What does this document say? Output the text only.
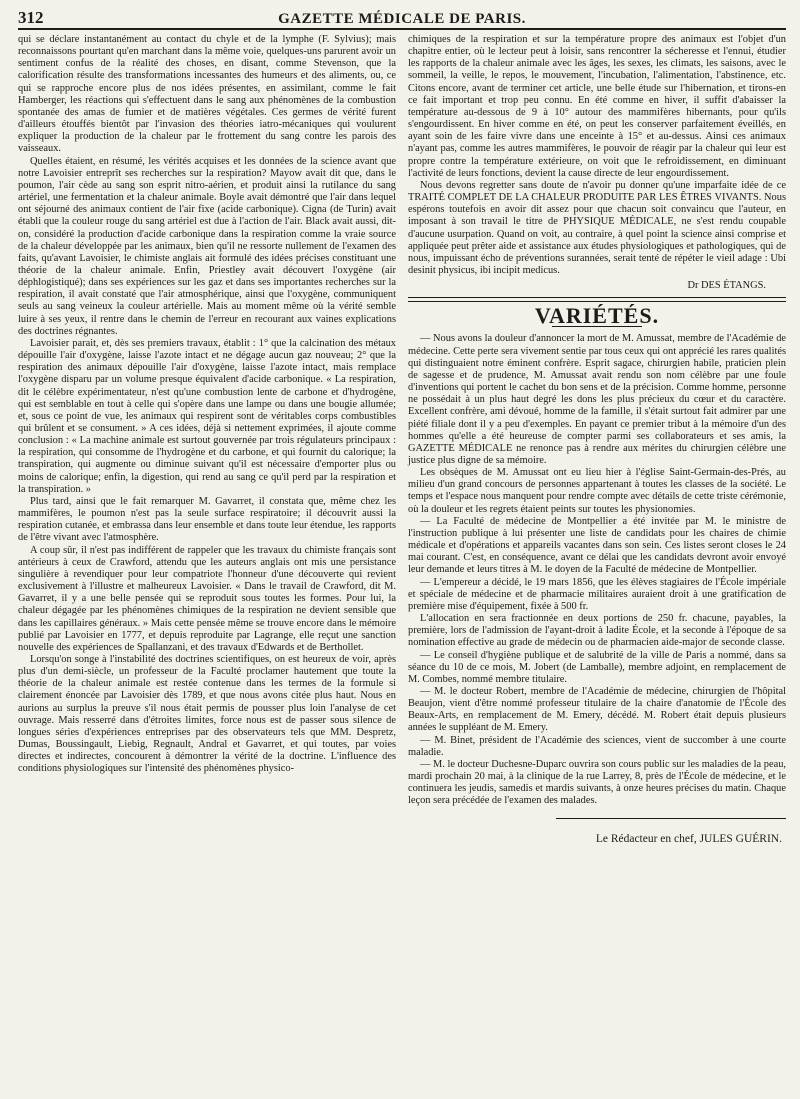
312	GAZETTE MÉDICALE DE PARIS.

qui se déclare instantanément au contact du chyle et de la lymphe (F. Sylvius); mais reconnaissons pourtant qu'en marchant dans la même voie, quelques-uns parurent avoir un sentiment confus de la réalité des choses, en disant, comme Stevenson, que la calorification résulte des transformations incessantes des humeurs et des aliments, ou, ce qui se rapproche encore plus de nos idées présentes, en assimilant, comme le fait Hamberger, les réactions qui s'effectuent dans le sang aux phénomènes de la combustion spontanée des amas de fumier et de matières végétales. Ces germes de vérité furent d'ailleurs étouffés bientôt par l'invasion des théories iatro-mécaniques qui voulurent expliquer la production de la chaleur par le frottement du sang contre les parois des vaisseaux.

Quelles étaient, en résumé, les vérités acquises et les données de la science avant que notre Lavoisier entreprît ses recherches sur la respiration? Mayow avait dit que, dans le poumon, l'air cède au sang son esprit nitro-aérien, et produit ainsi la rutilance du sang artériel, une fermentation et la chaleur animale. Boyle avait démontré que l'air dans lequel ont séjourné des animaux contient de l'air fixe (acide carbonique). Cigna (de Turin) avait établi que la couleur rouge du sang artériel est due à l'action de l'air. Black avait aussi, dit-on, considéré la production d'acide carbonique dans la respiration comme la vraie source de la chaleur développée par les animaux, bien qu'il ne ressorte nullement de l'examen des faits, qu'avant Lavoisier, le chimiste anglais ait formulé des idées précises constituant une théorie de la chaleur animale. Enfin, Priestley avait découvert l'oxygène (air déphlogistiqué); dans ses expériences sur les gaz et dans ses importantes recherches sur la respiration, il avait constaté que l'air atmosphérique, ainsi que l'oxygène, communiquent seuls au sang veineux la couleur artérielle. Mais au moment même où la vérité semble luire à ses yeux, il rentre dans le chemin de l'erreur en recourant aux vaines explications des doctrines régnantes.

Lavoisier parait, et, dès ses premiers travaux, établit : 1° que la calcination des métaux dépouille l'air d'oxygène, laisse l'azote intact et ne dégage aucun gaz nouveau; 2° que la respiration des animaux dépouille l'air d'oxygène, laisse l'azote intact, mais remplace l'oxygène disparu par un volume presque équivalent d'acide carbonique. « La respiration, dit le célèbre expérimentateur, n'est qu'une combustion lente de carbone et d'hydrogène, qui est semblable en tout à celle qui s'opère dans une lampe ou dans une bougie allumée; et, sous ce point de vue, les animaux qui respirent sont de véritables corps combustibles qui brûlent et se consument. » A ces idées, déjà si nettement exprimées, il ajoute comme conclusion : « La machine animale est surtout gouvernée par trois régulateurs principaux : la respiration, qui consomme de l'hydrogène et du carbone, et qui fournit du calorique; la transpiration, qui augmente ou diminue suivant qu'il est nécessaire d'emporter plus ou moins de calorique; enfin, la digestion, qui rend au sang ce qu'il perd par la respiration et la transpiration. »

Plus tard, ainsi que le fait remarquer M. Gavarret, il constata que, même chez les mammifères, le poumon n'est pas la seule surface respiratoire; il découvrit aussi la respiration cutanée, et embrassa dans leur ensemble et dans toute leur étendue, les rapports de l'être vivant avec l'atmosphère.

A coup sûr, il n'est pas indifférent de rappeler que les travaux du chimiste français sont antérieurs à ceux de Crawford, attendu que les auteurs anglais ont mis une persistance singulière à revendiquer pour leur compatriote l'honneur d'une découverte qui revient exclusivement à l'illustre et malheureux Lavoisier. « Dans le travail de Crawford, dit M. Gavarret, il y a une belle pensée qui se reproduit sous toutes les formes. Pour lui, la chaleur dégagée par les phénomènes chimiques de la respiration ne devient sensible que dans les capillaires généraux. » Mais cette pensée même se trouve encore dans le mémoire publié par Lavoisier en 1777, et depuis reproduite par Lagrange, elle reçut une sanction nouvelle des expériences de Spallanzani, et des travaux d'Edwards et de Berthollet.

Lorsqu'on songe à l'instabilité des doctrines scientifiques, on est heureux de voir, après plus d'un demi-siècle, un professeur de la Faculté proclamer hautement que toute la théorie de la chaleur animale est restée contenue dans les termes de la formule si clairement énoncée par Lavoisier dès 1789, et que nous avons citée plus haut. Nous en aurions au surplus la preuve s'il nous était permis de pousser plus loin l'analyse de cet ouvrage. Mais resserré dans d'étroites limites, force nous est de passer sous silence de longues séries d'expériences entreprises par des observateurs tels que MM. Despretz, Dumas, Boussingault, Liebig, Regnault, Andral et Gavarret, et qui toutes, par voies directes et indirectes, concourent à démontrer la vérité de la doctrine. L'influence des conditions physiologiques sur l'intensité des phénomènes physico-

chimiques de la respiration et sur la température propre des animaux est l'objet d'un chapitre entier, où le lecteur peut à loisir, sans rencontrer la sécheresse et l'ennui, étudier les rapports de la chaleur animale avec les âges, les sexes, les climats, les saisons, avec le sommeil, la veille, le repos, le mouvement, l'incubation, l'alimentation, l'abstinence, etc. Citons encore, avant de terminer cet article, une belle étude sur l'hibernation, et tirons-en ce fait important et trop peu connu. En été comme en hiver, il suffit d'abaisser la température au-dessous de 9 à 10° autour des mammifères hibernants, pour qu'ils s'engourdissent. En hiver comme en été, on peut les conserver parfaitement éveillés, en ayant soin de les faire vivre dans une enceinte à 15° et au-dessus. Ainsi ces animaux n'ayant pas, comme les autres mammifères, le pouvoir de réagir par la chaleur qui leur est propre contre la température extérieure, on voit que le refroidissement, en diminuant l'activité de leurs fonctions, devient la cause directe de leur engourdissement.

Nous devons regretter sans doute de n'avoir pu donner qu'une imparfaite idée de ce TRAITÉ COMPLET DE LA CHALEUR PRODUITE PAR LES ÊTRES VIVANTS. Nous espérons toutefois en avoir dit assez pour que chacun soit convaincu que l'auteur, en imposant à son travail le titre de PHYSIQUE MÉDICALE, ne s'est rendu coupable d'aucune usurpation. Quand on voit, au contraire, à quel point la science ainsi comprise et appliquée peut prêter aide et assistance aux études physiologiques et pathologiques, qui de nous, impuissant écho de préventions surannées, serait tenté de répéter le vieil adage : Ubi desinit physicus, ibi incipit medicus.

Dr DES ÉTANGS.
VARIÉTÉS.

— Nous avons la douleur d'annoncer la mort de M. Amussat, membre de l'Académie de médecine. Cette perte sera vivement sentie par tous ceux qui ont apprécié les rares qualités qui distinguaient notre éminent confrère. Esprit sagace, chirurgien habile, praticien plein de sagesse et de prudence, M. Amussat avait rendu son nom célèbre par une foule d'inventions qui portent le cachet du bon sens et de la précision. Comme homme, personne ne possédait à un plus haut degré les dons les plus précieux du cœur et du caractère. Excellent confrère, ami dévoué, homme de la famille, il s'était surtout fait admirer par une piété filiale dont il y a peu d'exemples. En payant ce premier tribut à la mémoire d'un des hommes qu'elle a été heureuse de compter parmi ses collaborateurs et ses amis, la GAZETTE MÉDICALE ne renonce pas à rendre aux mérites du chirurgien célèbre une justice plus digne de sa mémoire.

Les obsèques de M. Amussat ont eu lieu hier à l'église Saint-Germain-des-Prés, au milieu d'un grand concours de personnes appartenant à toutes les classes de la société. Le temps et l'espace nous manquent pour rendre compte avec détails de cette triste cérémonie, où la douleur et les regrets étaient peints sur toutes les physionomies.

— La Faculté de médecine de Montpellier a été invitée par M. le ministre de l'instruction publique à lui présenter une liste de candidats pour les chaires de chimie médicale et d'opérations et appareils vacantes dans son sein. Ces listes seront closes le 24 mai courant. C'est, en conséquence, avant ce délai que les candidats devront avoir envoyé leur demande et leurs titres à M. le doyen de la Faculté de médecine de Montpellier.

— L'empereur a décidé, le 19 mars 1856, que les élèves stagiaires de l'École impériale et spéciale de médecine et de pharmacie militaires auraient droit à une gratification de première mise d'équipement, fixée à 500 fr.

L'allocation en sera fractionnée en deux portions de 250 fr. chacune, payables, la première, lors de l'admission de l'ayant-droit à ladite École, et la seconde à l'époque de sa nomination effective au grade de médecin ou de pharmacien aide-major de seconde classe.

— Le conseil d'hygiène publique et de salubrité de la ville de Paris a nommé, dans sa séance du 10 de ce mois, M. Jobert (de Lamballe), membre adjoint, en remplacement de M. Combes, nommé membre titulaire.

— M. le docteur Robert, membre de l'Académie de médecine, chirurgien de l'hôpital Beaujon, vient d'être nommé professeur titulaire de la chaire d'anatomie de l'École des Beaux-Arts, en remplacement de M. Emery, décédé. M. Robert était depuis plusieurs années le suppléant de M. Emery.

— M. Binet, président de l'Académie des sciences, vient de succomber à une courte maladie.

— M. le docteur Duchesne-Duparc ouvrira son cours public sur les maladies de la peau, mardi prochain 20 mai, à la clinique de la rue Larrey, 8, près de l'École de médecine, et le continuera les jeudis, samedis et mardis suivants, à onze heures précises du matin. Chaque leçon sera précédée de l'examen des malades.

Le Rédacteur en chef, JULES GUÉRIN.
